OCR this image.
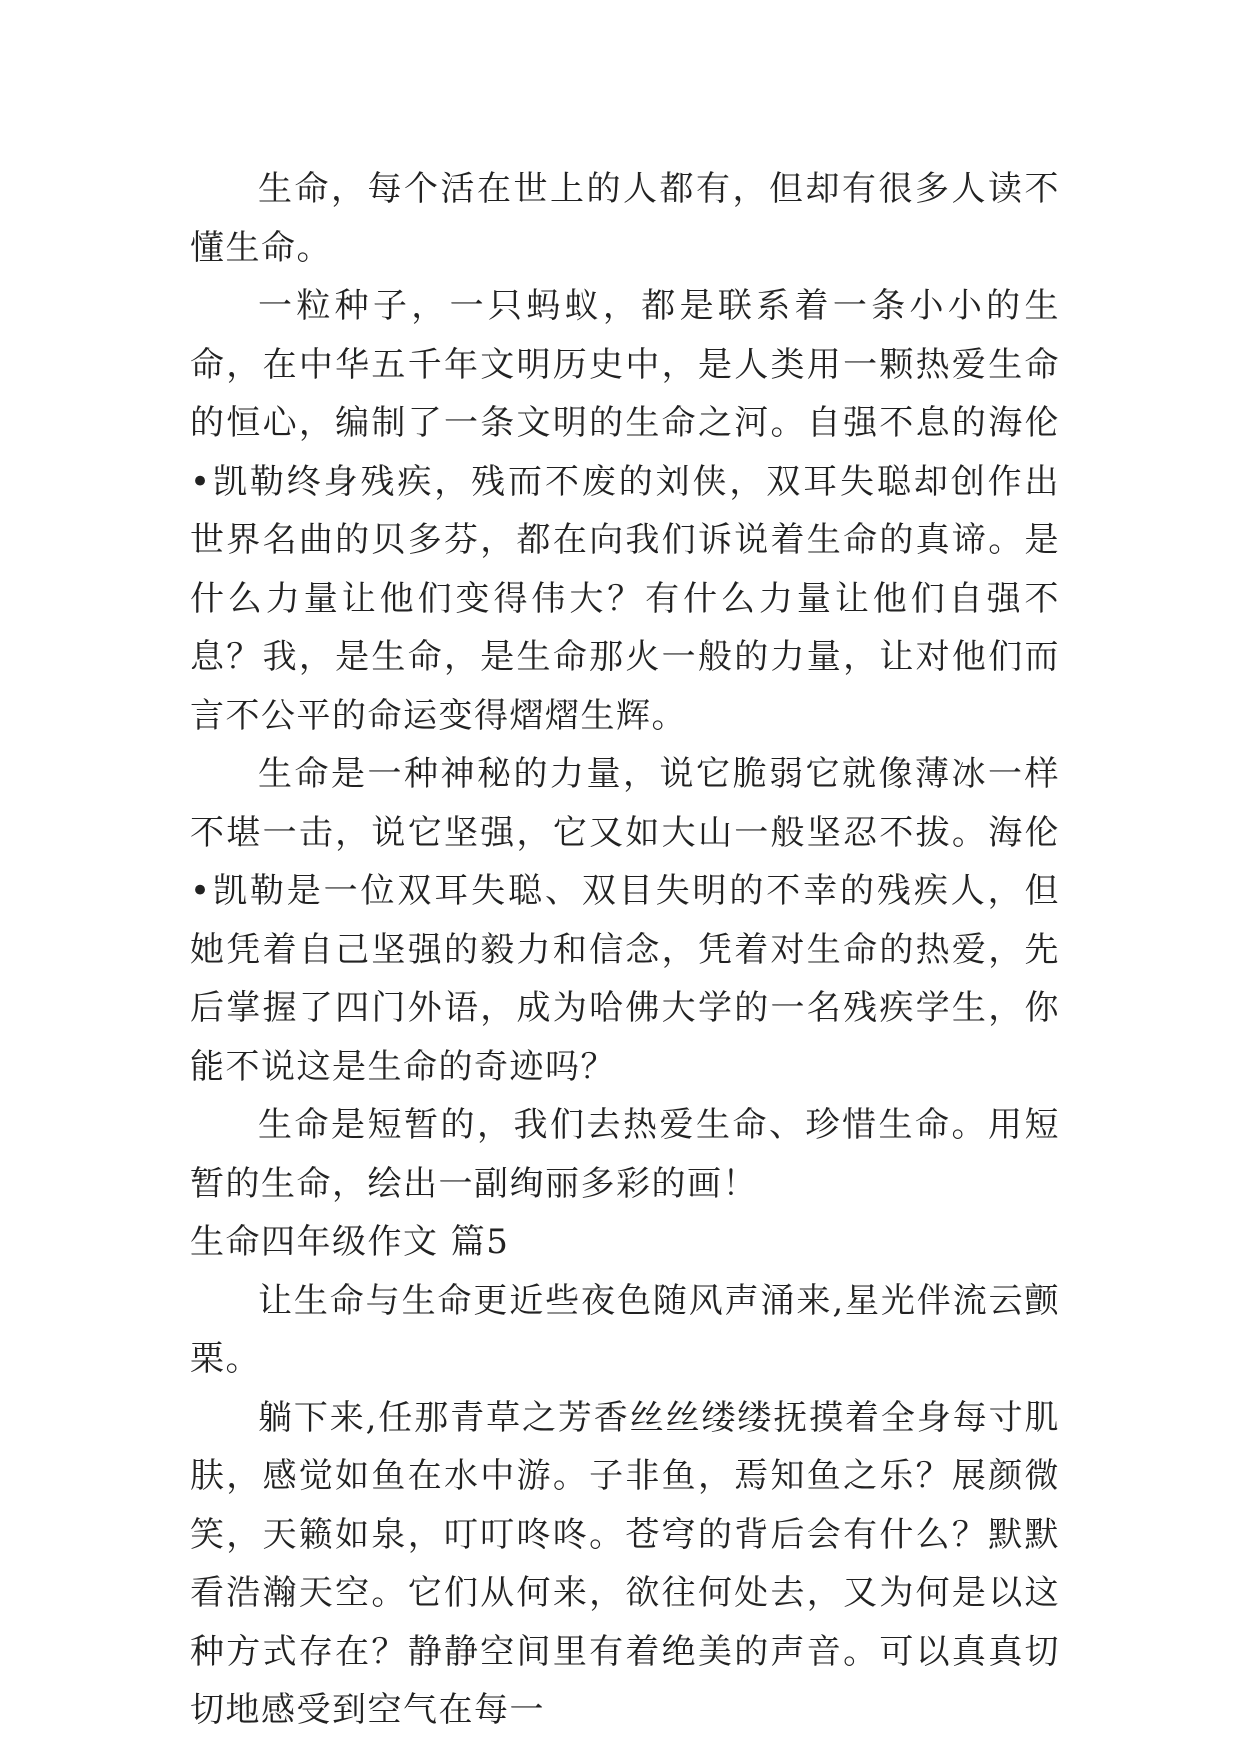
生命，每个活在世上的人都有，但却有很多人读不懂生命。

一粒种子，一只蚂蚁，都是联系着一条小小的生命，在中华五千年文明历史中，是人类用一颗热爱生命的恒心，编制了一条文明的生命之河。自强不息的海伦•凯勒终身残疾，残而不废的刘侠，双耳失聪却创作出世界名曲的贝多芬，都在向我们诉说着生命的真谛。是什么力量让他们变得伟大？有什么力量让他们自强不息？我，是生命，是生命那火一般的力量，让对他们而言不公平的命运变得熠熠生辉。

生命是一种神秘的力量，说它脆弱它就像薄冰一样不堪一击，说它坚强，它又如大山一般坚忍不拔。海伦•凯勒是一位双耳失聪、双目失明的不幸的残疾人，但她凭着自己坚强的毅力和信念，凭着对生命的热爱，先后掌握了四门外语，成为哈佛大学的一名残疾学生，你能不说这是生命的奇迹吗？

生命是短暂的，我们去热爱生命、珍惜生命。用短暂的生命，绘出一副绚丽多彩的画！

生命四年级作文 篇5

让生命与生命更近些夜色随风声涌来,星光伴流云颤栗。

躺下来,任那青草之芳香丝丝缕缕抚摸着全身每寸肌肤，感觉如鱼在水中游。子非鱼，焉知鱼之乐？展颜微笑，天籁如泉，叮叮咚咚。苍穹的背后会有什么？默默看浩瀚天空。它们从何来，欲往何处去，又为何是以这种方式存在？静静空间里有着绝美的声音。可以真真切切地感受到空气在每一
